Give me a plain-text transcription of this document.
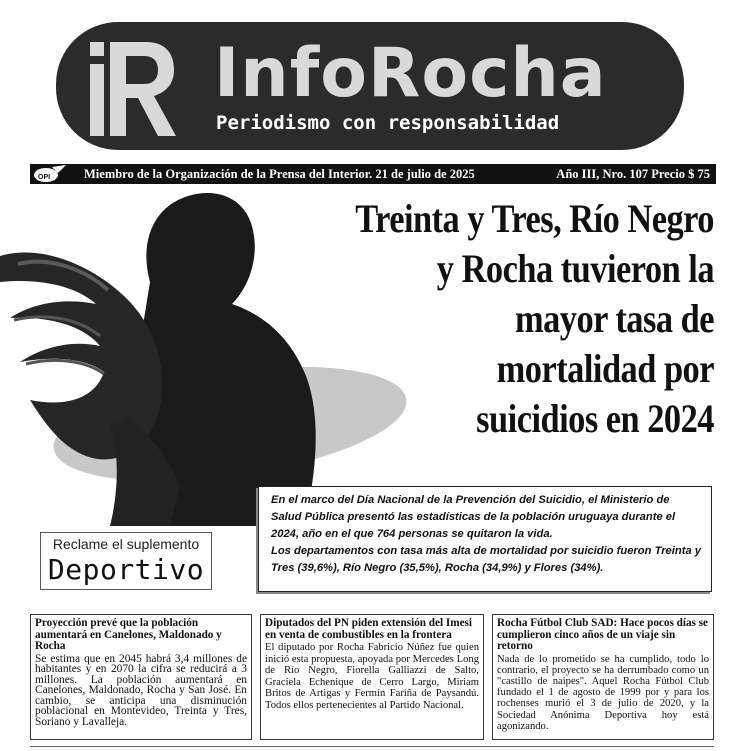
InfoRocha
Periodismo con responsabilidad
OPI	Miembro de la Organización de la Prensa del Interior. 21 de julio de 2025	Año III, Nro. 107 Precio $ 75
Treinta y Tres, Río Negro
y Rocha tuvieron la
mayor tasa de
mortalidad por
suicidios en 2024

En el marco del Día Nacional de la Prevención del Suicidio, el Ministerio de Salud Pública presentó las estadísticas de la población uruguaya durante el 2024, año en el que 764 personas se quitaron la vida.

Los departamentos con tasa más alta de mortalidad por suicidio fueron Treinta y Tres (39,6%), Río Negro (35,5%), Rocha (34,9%) y Flores (34%).

Reclame el suplemento
Deportivo
Proyección prevé que la población aumentará en Canelones, Maldonado y Rocha

Se estima que en 2045 habrá 3,4 millones de habitantes y en 2070 la cifra se reducirá a 3 millones. La población aumentará en Canelones, Maldonado, Rocha y San José. En cambio, se anticipa una disminución poblacional en Montevideo, Treinta y Tres, Soriano y Lavalleja.

Diputados del PN piden extensión del Imesi en venta de combustibles en la frontera

El diputado por Rocha Fabricio Núñez fue quien inició esta propuesta, apoyada por Mercedes Long de Río Negro, Fiorella Galliazzi de Salto, Graciela Echenique de Cerro Largo, Miriam Britos de Artigas y Fermín Fariña de Paysandú. Todos ellos pertenecientes al Partido Nacional.

Rocha Fútbol Club SAD: Hace pocos días se cumplieron cinco años de un viaje sin retorno

Nada de lo prometido se ha cumplido, todo lo contrario, el proyecto se ha derrumbado como un "castillo de naipes". Aquel Rocha Fútbol Club fundado el 1 de agosto de 1999 por y para los rochenses murió el 3 de julio de 2020, y la Sociedad Anónima Deportiva hoy está agonizando.
